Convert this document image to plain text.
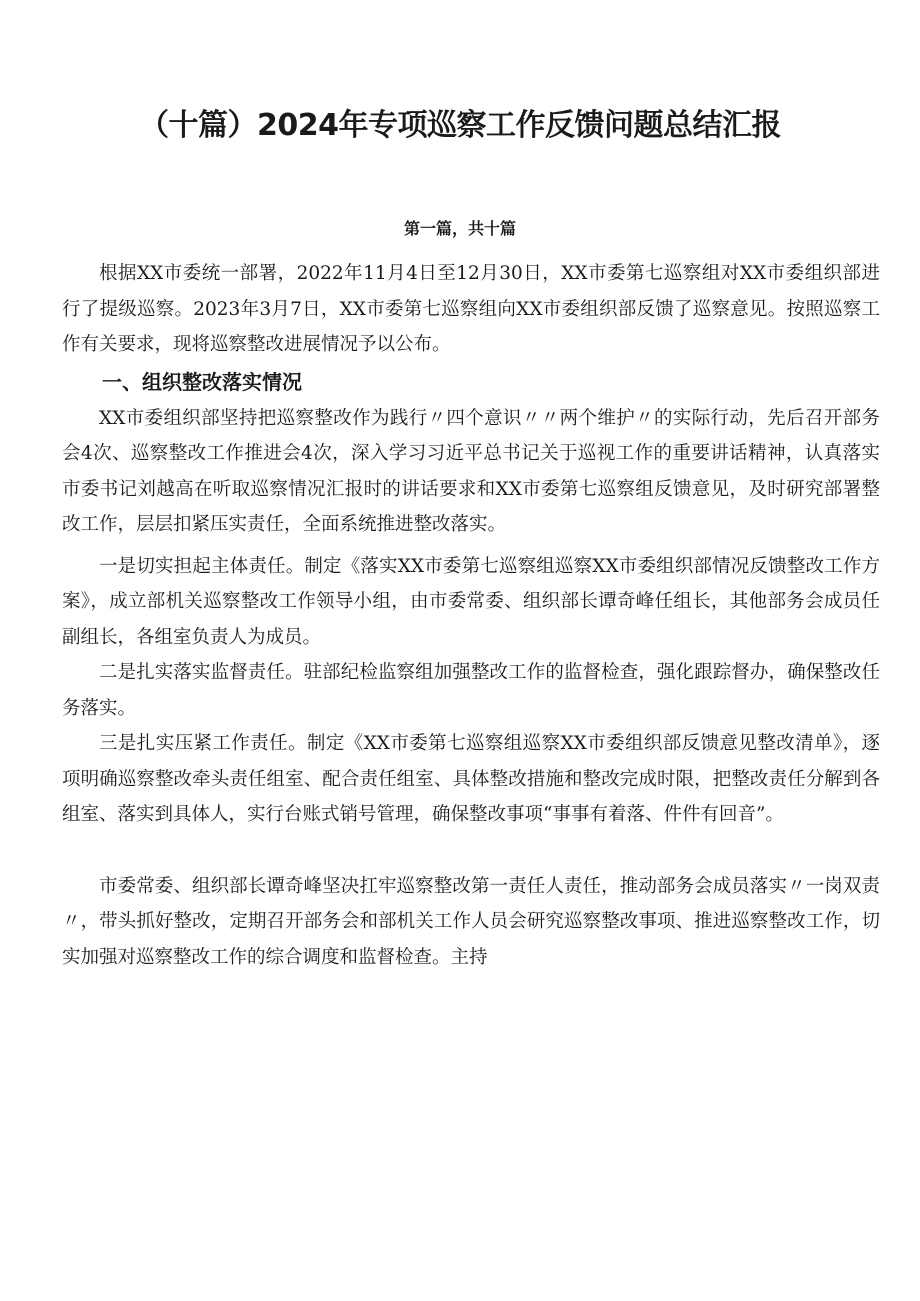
（十篇）2024年专项巡察工作反馈问题总结汇报
第一篇，共十篇

根据XX市委统一部署，2022年11月4日至12月30日，XX市委第七巡察组对XX市委组织部进行了提级巡察。2023年3月7日，XX市委第七巡察组向XX市委组织部反馈了巡察意见。按照巡察工作有关要求，现将巡察整改进展情况予以公布。

一、组织整改落实情况

XX市委组织部坚持把巡察整改作为践行〃四个意识〃〃两个维护〃的实际行动，先后召开部务会4次、巡察整改工作推进会4次，深入学习习近平总书记关于巡视工作的重要讲话精神，认真落实市委书记刘越高在听取巡察情况汇报时的讲话要求和XX市委第七巡察组反馈意见，及时研究部署整改工作，层层扣紧压实责任，全面系统推进整改落实。

一是切实担起主体责任。制定《落实XX市委第七巡察组巡察XX市委组织部情况反馈整改工作方案》，成立部机关巡察整改工作领导小组，由市委常委、组织部长谭奇峰任组长，其他部务会成员任副组长，各组室负责人为成员。

二是扎实落实监督责任。驻部纪检监察组加强整改工作的监督检查，强化跟踪督办，确保整改任务落实。

三是扎实压紧工作责任。制定《XX市委第七巡察组巡察XX市委组织部反馈意见整改清单》，逐项明确巡察整改牵头责任组室、配合责任组室、具体整改措施和整改完成时限，把整改责任分解到各组室、落实到具体人，实行台账式销号管理，确保整改事项“事事有着落、件件有回音”。

市委常委、组织部长谭奇峰坚决扛牢巡察整改第一责任人责任，推动部务会成员落实〃一岗双责〃，带头抓好整改，定期召开部务会和部机关工作人员会研究巡察整改事项、推进巡察整改工作，切实加强对巡察整改工作的综合调度和监督检查。主持
